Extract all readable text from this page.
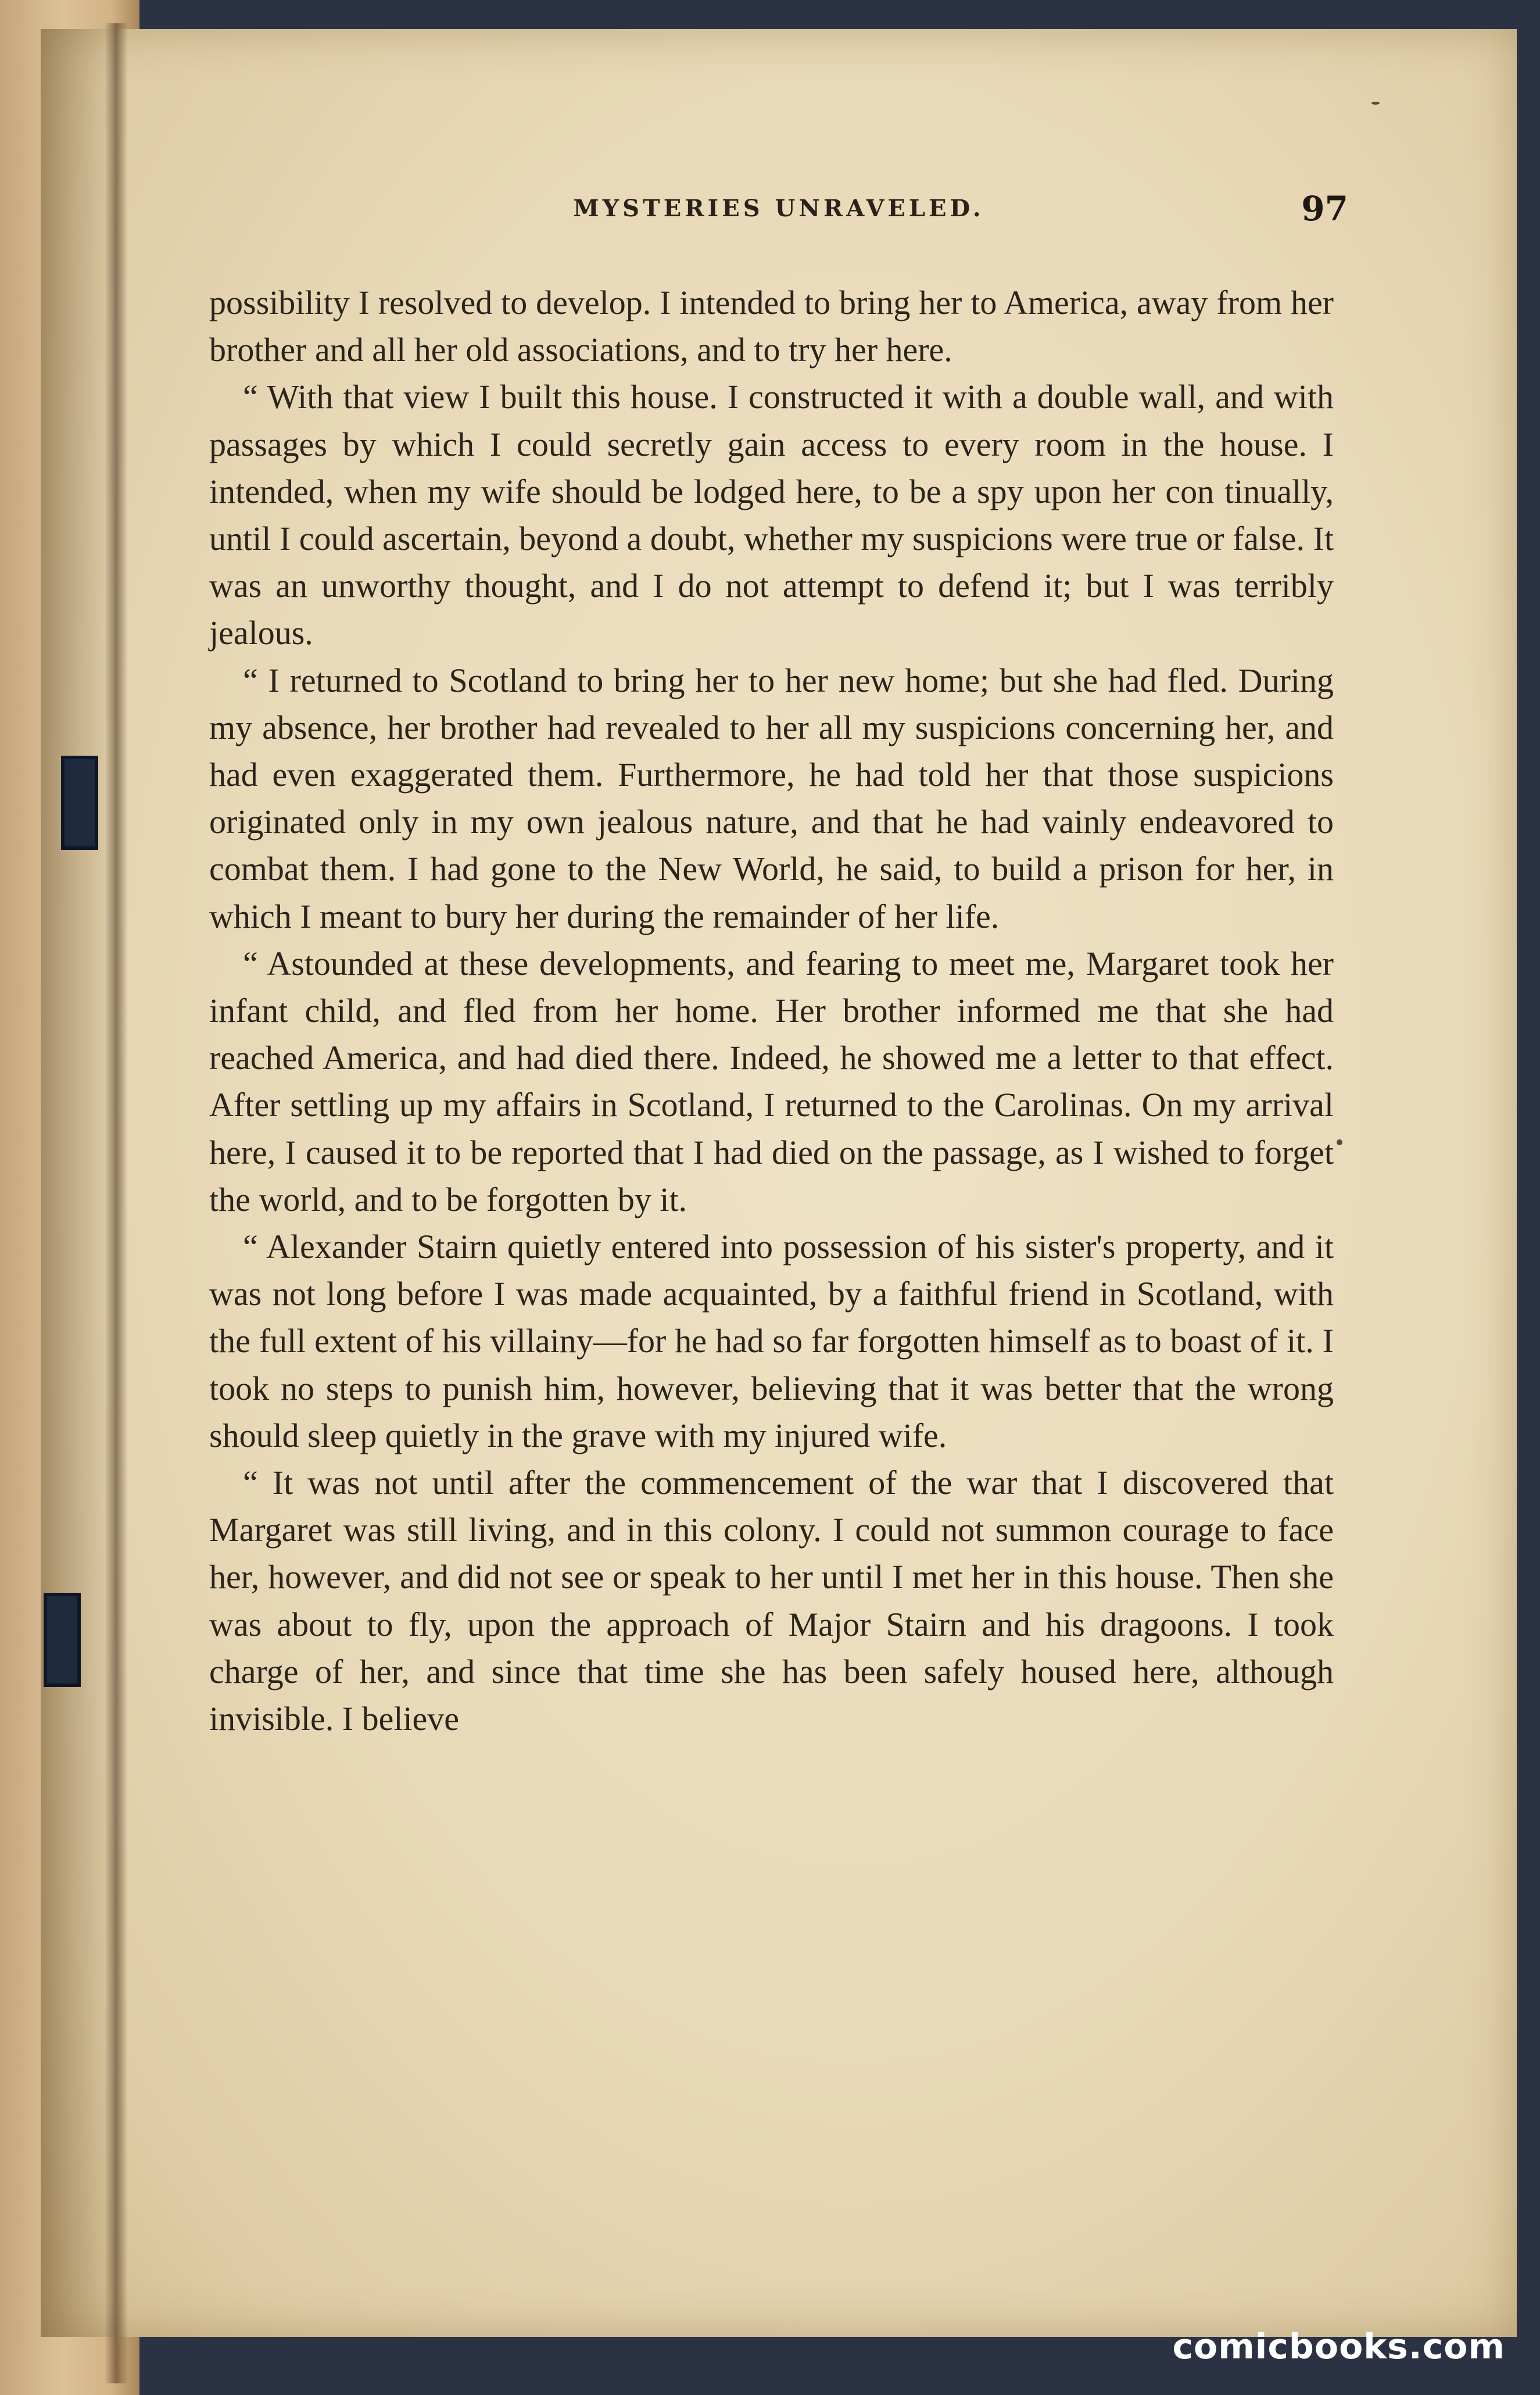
MYSTERIES UNRAVELED.	97

possibility I resolved to develop. I intended to bring her to America, away from her brother and all her old associations, and to try her here.

“ With that view I built this house. I constructed it with a double wall, and with passages by which I could secretly gain access to every room in the house. I intended, when my wife should be lodged here, to be a spy upon her con tinually, until I could ascertain, beyond a doubt, whether my suspicions were true or false. It was an unworthy thought, and I do not attempt to defend it; but I was terribly jealous.

“ I returned to Scotland to bring her to her new home; but she had fled. During my absence, her brother had revealed to her all my suspicions concerning her, and had even exaggerated them. Furthermore, he had told her that those suspicions originated only in my own jealous nature, and that he had vainly endeavored to combat them. I had gone to the New World, he said, to build a prison for her, in which I meant to bury her during the remainder of her life.

“ Astounded at these developments, and fearing to meet me, Margaret took her infant child, and fled from her home. Her brother informed me that she had reached America, and had died there. Indeed, he showed me a letter to that effect. After settling up my affairs in Scotland, I returned to the Carolinas. On my arrival here, I caused it to be reported that I had died on the passage, as I wished to forget the world, and to be forgotten by it.

“ Alexander Stairn quietly entered into possession of his sister's property, and it was not long before I was made acquainted, by a faithful friend in Scotland, with the full extent of his villainy—for he had so far forgotten himself as to boast of it. I took no steps to punish him, however, believing that it was better that the wrong should sleep quietly in the grave with my injured wife.

“ It was not until after the commencement of the war that I discovered that Margaret was still living, and in this colony. I could not summon courage to face her, however, and did not see or speak to her until I met her in this house. Then she was about to fly, upon the approach of Major Stairn and his dragoons. I took charge of her, and since that time she has been safely housed here, although invisible. I believe

comicbooks.com
